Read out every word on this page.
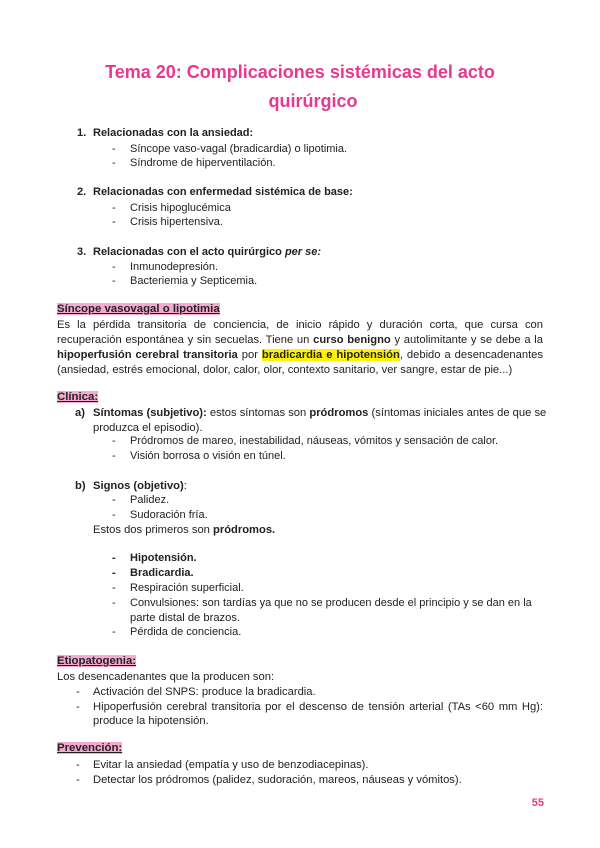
Tema 20: Complicaciones sistémicas del acto
quirúrgico
1. Relacionadas con la ansiedad:
- Síncope vaso-vagal (bradicardia) o lipotimia.
- Síndrome de hiperventilación.
2. Relacionadas con enfermedad sistémica de base:
- Crisis hipoglucémica
- Crisis hipertensiva.
3. Relacionadas con el acto quirúrgico per se:
- Inmunodepresión.
- Bacteriemia y Septicemia.
Síncope vasovagal o lipotimia
Es la pérdida transitoria de conciencia, de inicio rápido y duración corta, que cursa con
recuperación espontánea y sin secuelas. Tiene un curso benigno y autolimitante y se debe a la
hipoperfusión cerebral transitoria por bradicardia e hipotensión, debido a desencadenantes
(ansiedad, estrés emocional, dolor, calor, olor, contexto sanitario, ver sangre, estar de pie...)
Clínica:
a) Síntomas (subjetivo): estos síntomas son pródromos (síntomas iniciales antes de que se
produzca el episodio).
- Pródromos de mareo, inestabilidad, náuseas, vómitos y sensación de calor.
- Visión borrosa o visión en túnel.
b) Signos (objetivo):
- Palidez.
- Sudoración fría.
Estos dos primeros son pródromos.
- Hipotensión.
- Bradicardia.
- Respiración superficial.
- Convulsiones: son tardías ya que no se producen desde el principio y se dan en la
parte distal de brazos.
- Pérdida de conciencia.
Etiopatogenia:
Los desencadenantes que la producen son:
- Activación del SNPS: produce la bradicardia.
- Hipoperfusión cerebral transitoria por el descenso de tensión arterial (TAs <60 mm Hg):
produce la hipotensión.
Prevención:
- Evitar la ansiedad (empatía y uso de benzodiacepinas).
- Detectar los pródromos (palidez, sudoración, mareos, náuseas y vómitos).
55
